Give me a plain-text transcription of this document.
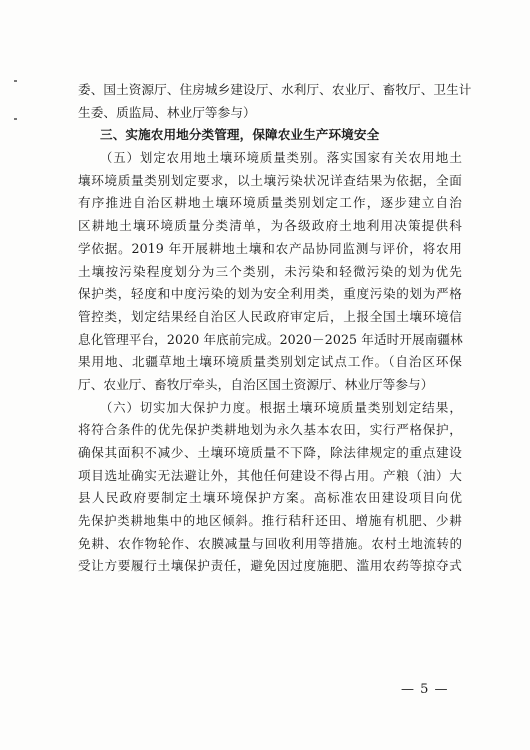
委、国土资源厅、住房城乡建设厅、水利厅、农业厅、畜牧厅、卫生计
生委、质监局、林业厅等参与）
三、实施农用地分类管理，保障农业生产环境安全
（五）划定农用地土壤环境质量类别。落实国家有关农用地土
壤环境质量类别划定要求，以土壤污染状况详查结果为依据，全面
有序推进自治区耕地土壤环境质量类别划定工作，逐步建立自治
区耕地土壤环境质量分类清单，为各级政府土地利用决策提供科
学依据。2019 年开展耕地土壤和农产品协同监测与评价，将农用
土壤按污染程度划分为三个类别，未污染和轻微污染的划为优先
保护类，轻度和中度污染的划为安全利用类，重度污染的划为严格
管控类，划定结果经自治区人民政府审定后，上报全国土壤环境信
息化管理平台，2020 年底前完成。2020－2025 年适时开展南疆林
果用地、北疆草地土壤环境质量类别划定试点工作。（自治区环保
厅、农业厅、畜牧厅牵头，自治区国土资源厅、林业厅等参与）
（六）切实加大保护力度。根据土壤环境质量类别划定结果，
将符合条件的优先保护类耕地划为永久基本农田，实行严格保护，
确保其面积不减少、土壤环境质量不下降，除法律规定的重点建设
项目选址确实无法避让外，其他任何建设不得占用。产粮（油）大
县人民政府要制定土壤环境保护方案。高标准农田建设项目向优
先保护类耕地集中的地区倾斜。推行秸秆还田、增施有机肥、少耕
免耕、农作物轮作、农膜减量与回收利用等措施。农村土地流转的
受让方要履行土壤保护责任，避免因过度施肥、滥用农药等掠夺式
— 5 —
